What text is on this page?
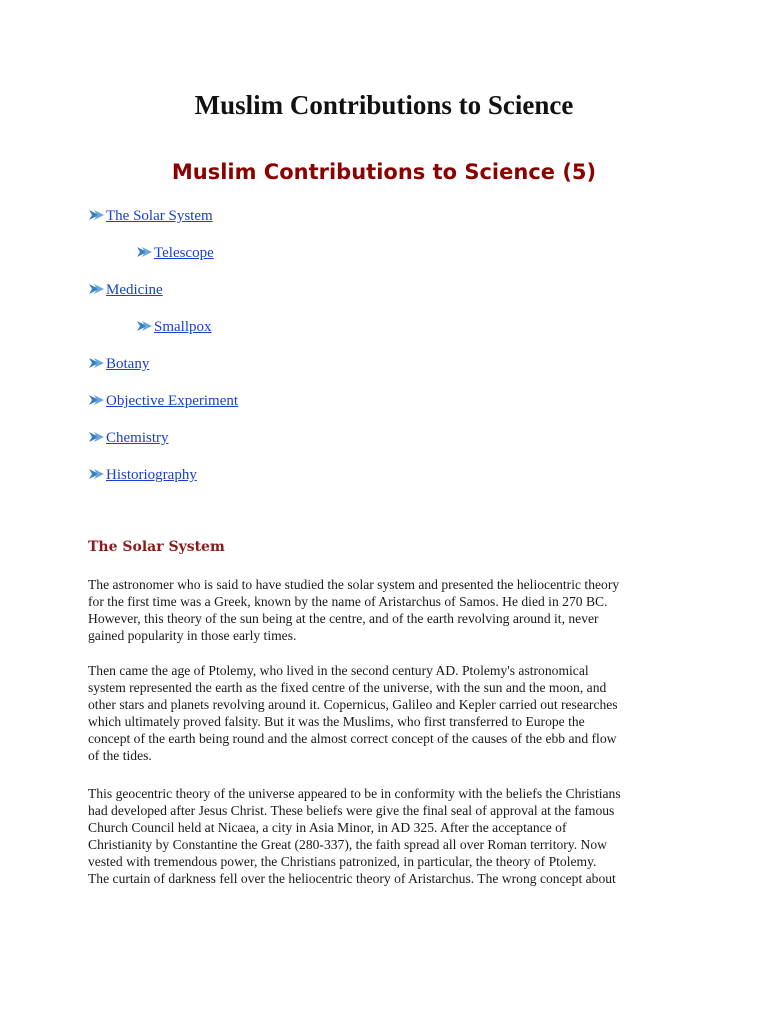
Muslim Contributions to Science
Muslim Contributions to Science (5)
The Solar System
Telescope
Medicine
Smallpox
Botany
Objective Experiment
Chemistry
Historiography
The Solar System

The astronomer who is said to have studied the solar system and presented the heliocentric theory
for the first time was a Greek, known by the name of Aristarchus of Samos. He died in 270 BC.
However, this theory of the sun being at the centre, and of the earth revolving around it, never
gained popularity in those early times.

Then came the age of Ptolemy, who lived in the second century AD. Ptolemy's astronomical
system represented the earth as the fixed centre of the universe, with the sun and the moon, and
other stars and planets revolving around it. Copernicus, Galileo and Kepler carried out researches
which ultimately proved falsity. But it was the Muslims, who first transferred to Europe the
concept of the earth being round and the almost correct concept of the causes of the ebb and flow
of the tides.

This geocentric theory of the universe appeared to be in conformity with the beliefs the Christians
had developed after Jesus Christ. These beliefs were give the final seal of approval at the famous
Church Council held at Nicaea, a city in Asia Minor, in AD 325. After the acceptance of
Christianity by Constantine the Great (280-337), the faith spread all over Roman territory. Now
vested with tremendous power, the Christians patronized, in particular, the theory of Ptolemy.
The curtain of darkness fell over the heliocentric theory of Aristarchus. The wrong concept about
